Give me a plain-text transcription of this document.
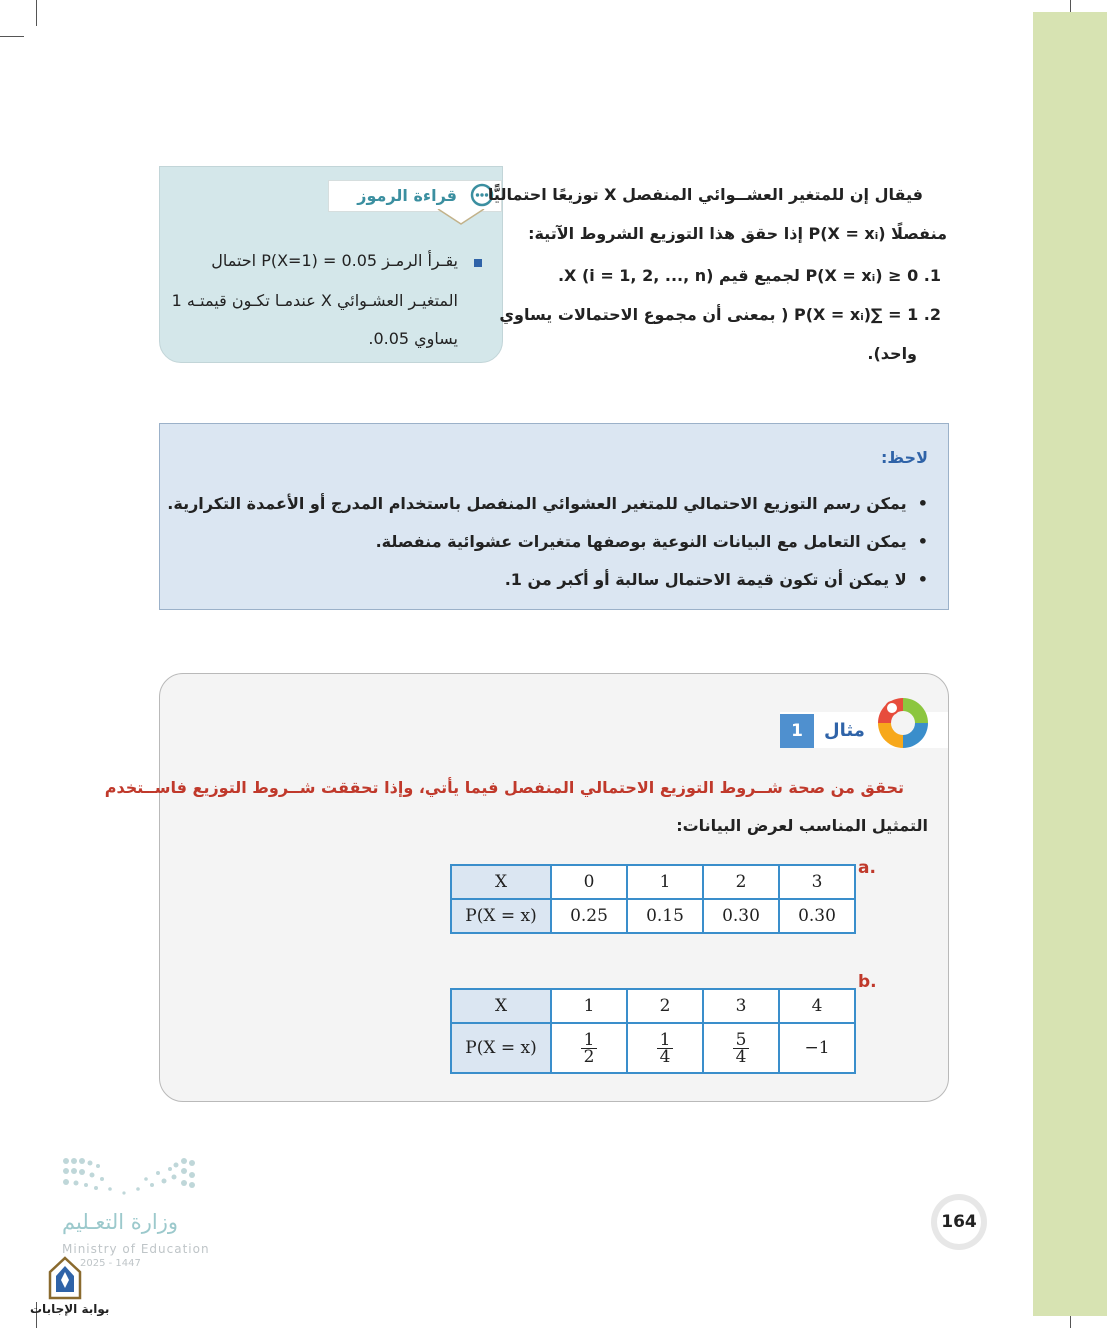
قراءة الرموز
يقـرأ الرمـز P(X=1) = 0.05 احتمال
المتغيـر العشـوائي X عندمـا تكـون قيمتـه 1
يساوي 0.05.
فيقال إن للمتغير العشــوائي المنفصل X توزيعًا احتماليًّا
منفصلًا P(X = xᵢ) إذا حقق هذا التوزيع الشروط الآتية:
1. 0 ≤ P(X = xᵢ) لجميع قيم X (i = 1, 2, ..., n).
2. 1 = ∑P(X = xᵢ) ( بمعنى أن مجموع الاحتمالات يساوي
واحد).
لاحظ:
•  يمكن رسم التوزيع الاحتمالي للمتغير العشوائي المنفصل باستخدام المدرج أو الأعمدة التكرارية.
•  يمكن التعامل مع البيانات النوعية بوصفها متغيرات عشوائية منفصلة.
•  لا يمكن أن تكون قيمة الاحتمال سالبة أو أكبر من 1.
1	مثال
تحقق من صحة شــروط التوزيع الاحتمالي المنفصل فيما يأتي، وإذا تحققت شــروط التوزيع فاســتخدم
التمثيل المناسب لعرض البيانات:
a.
X	0	1	2	3
P(X = x)	0.25	0.15	0.30	0.30
b.
X	1	2	3	4
P(X = x)	$\frac{1}{2}$	$\frac{1}{4}$	$\frac{5}{4}$	−1
164
وزارة التعـليم
Ministry of Education
2025 - 1447
بوابة الإجابات
